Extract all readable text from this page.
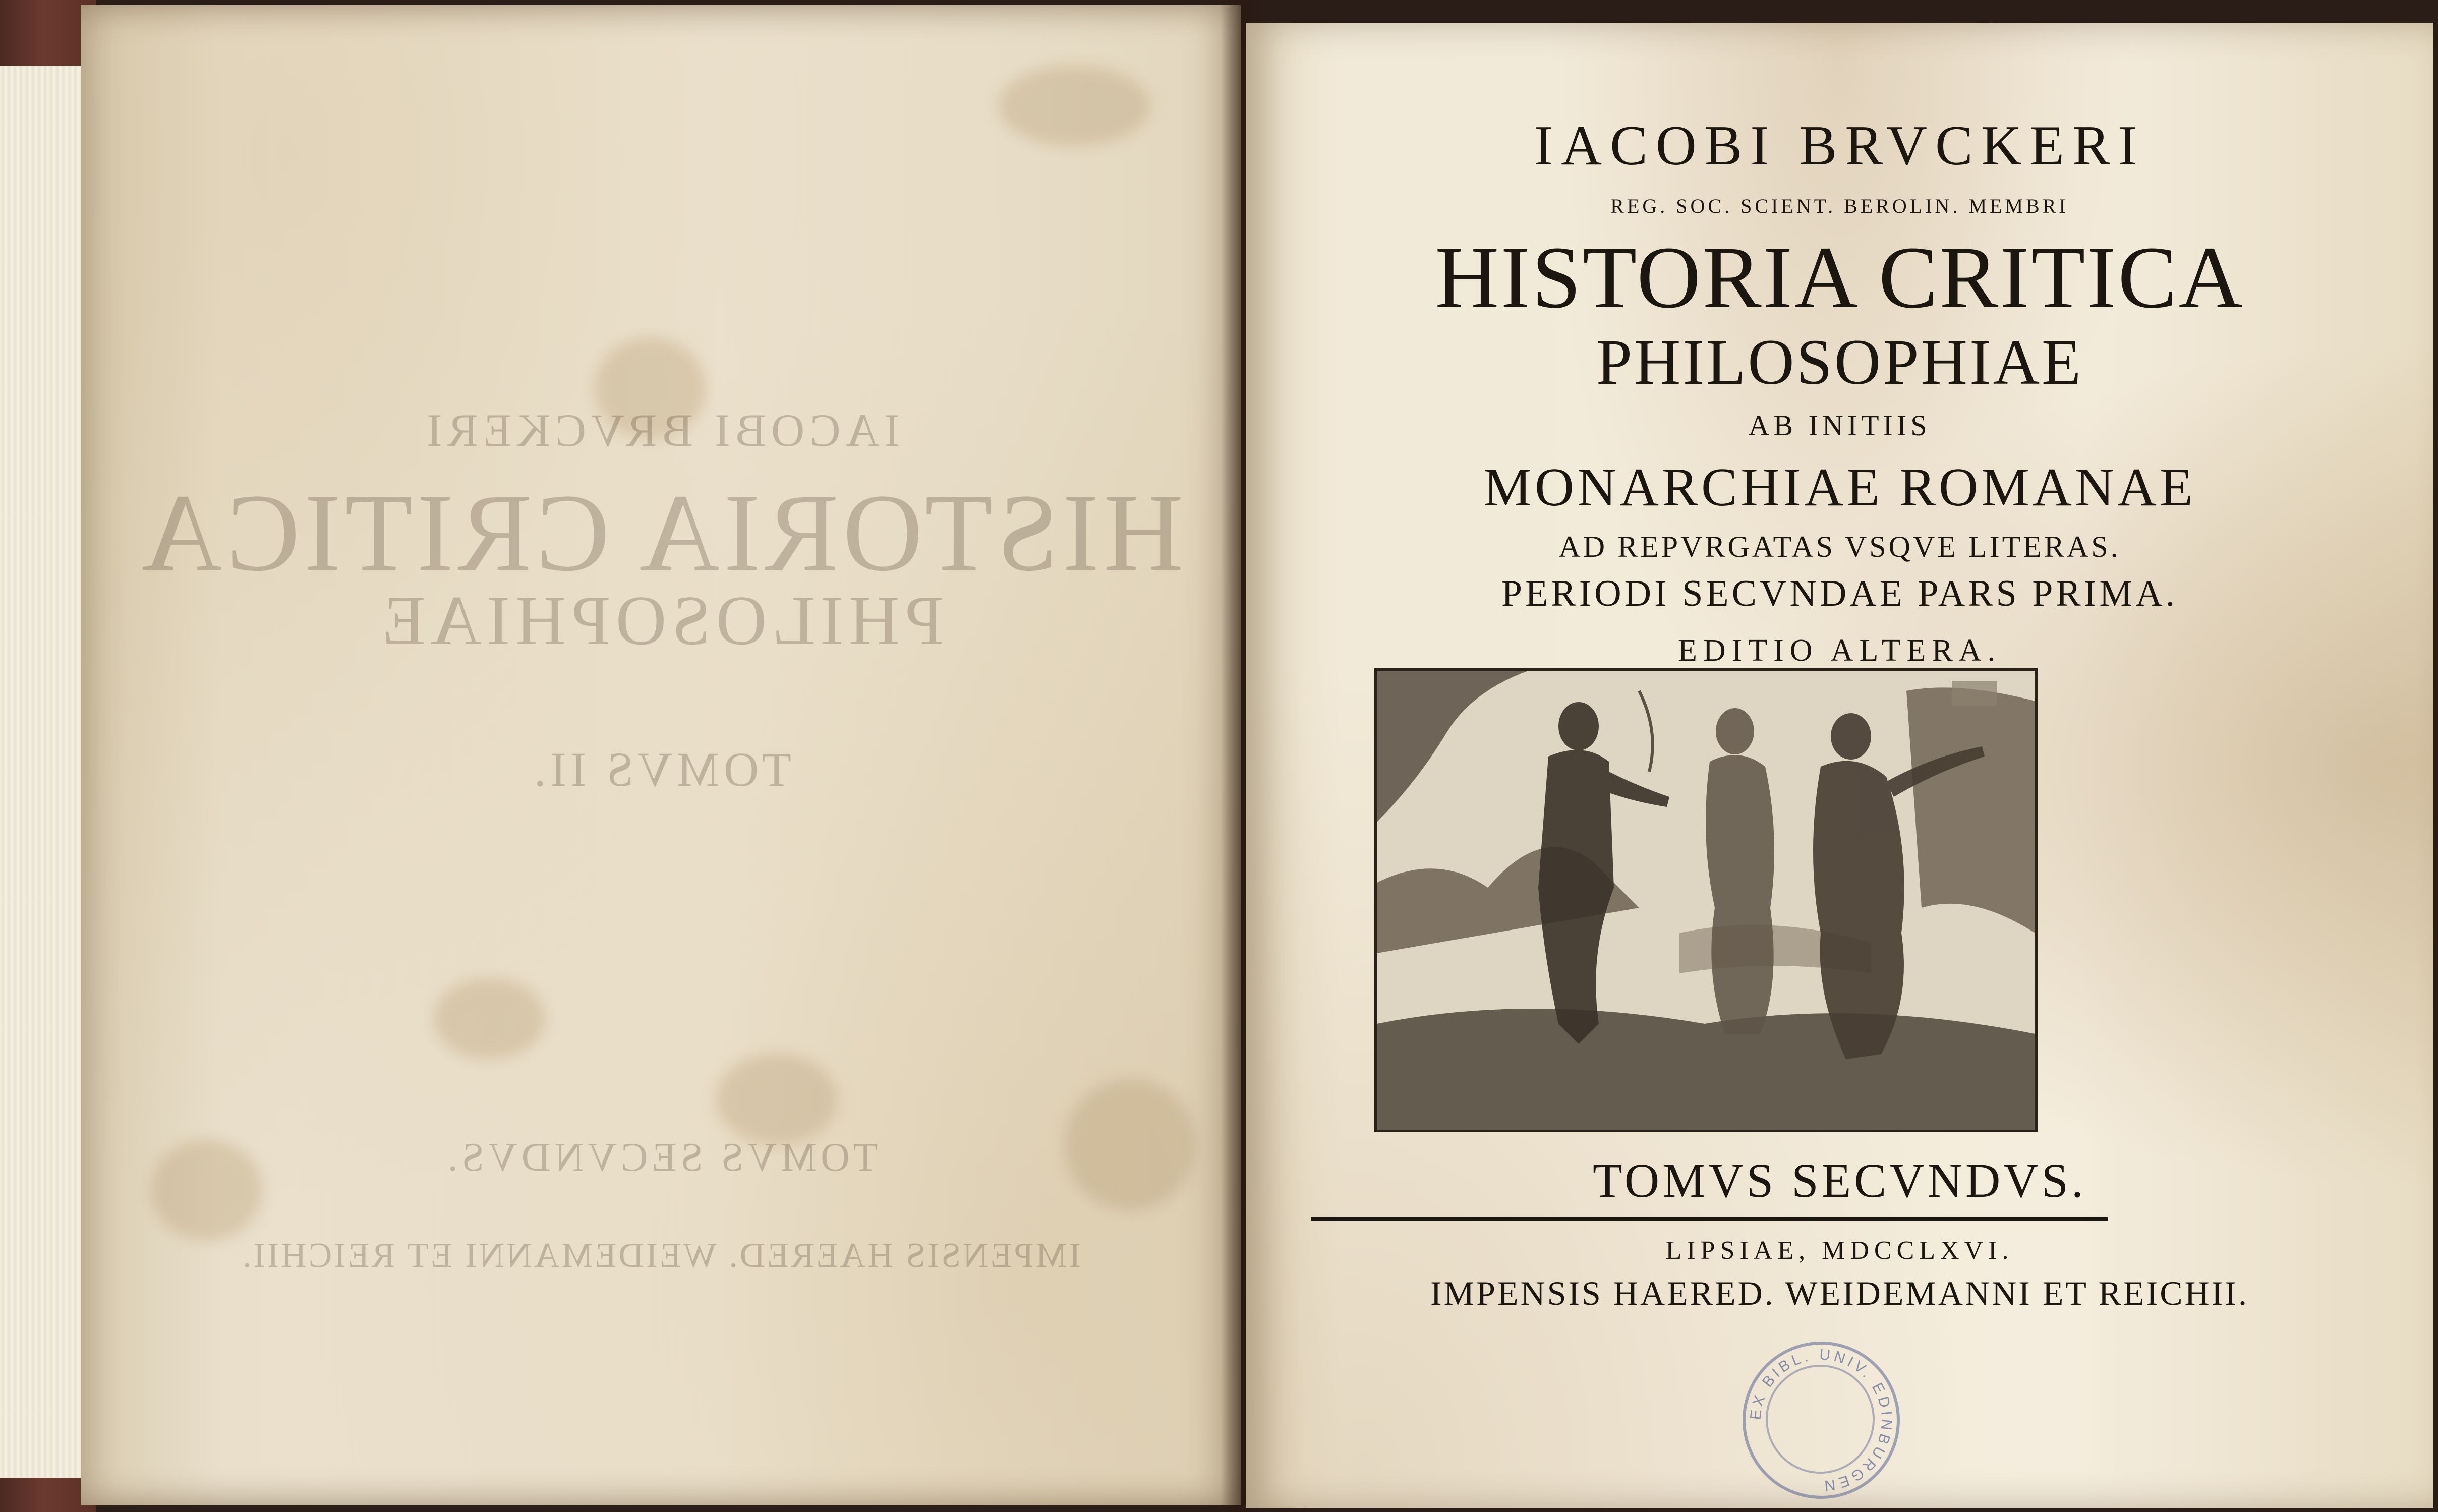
IACOBI BRVCKERI
HISTORIA CRITICA
PHILOSOPHIAE
TOMVS II.
TOMVS SECVNDVS.
IMPENSIS HAERED. WEIDEMANNI ET REICHII.
IACOBI BRVCKERI
REG. SOC. SCIENT. BEROLIN. MEMBRI
HISTORIA CRITICA
PHILOSOPHIAE
AB INITIIS
MONARCHIAE ROMANAE
AD REPVRGATAS VSQVE LITERAS.
PERIODI SECVNDAE PARS PRIMA.
EDITIO ALTERA.
TOMVS SECVNDVS.
LIPSIAE, MDCCLXVI.
IMPENSIS HAERED. WEIDEMANNI ET REICHII.
EX BIBL. UNIV. EDINBURGEN
